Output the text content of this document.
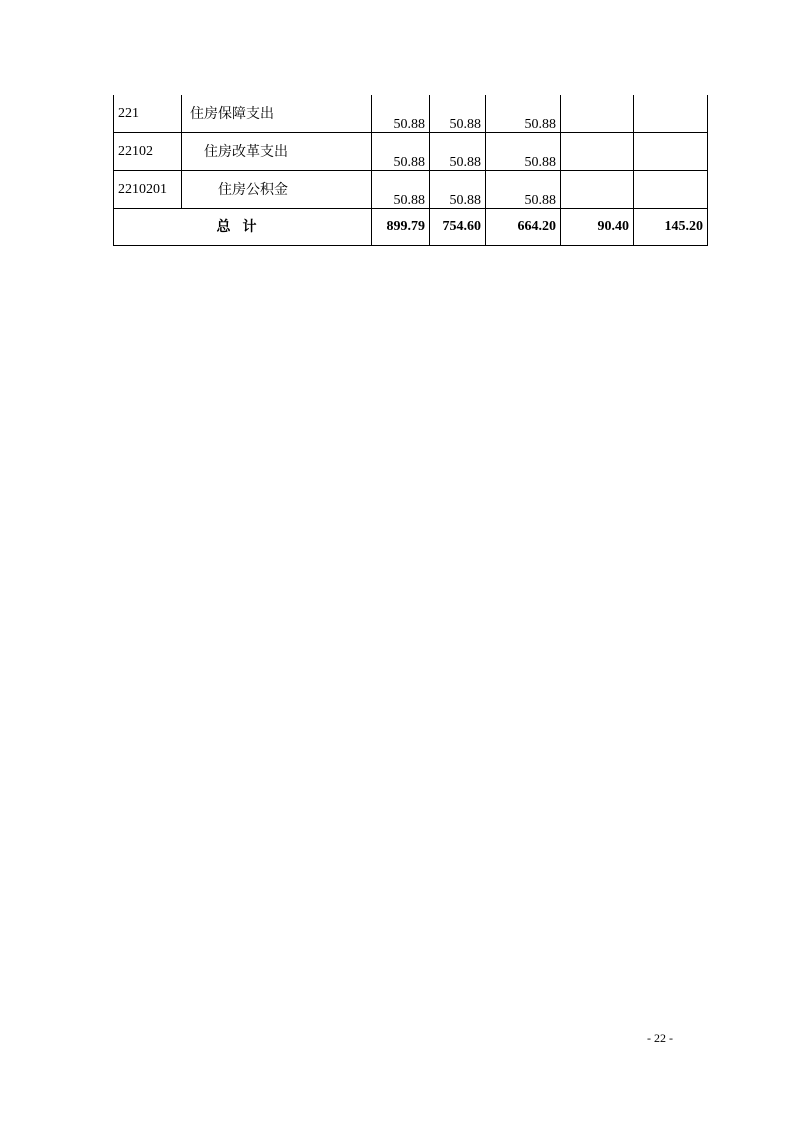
221	住房保障支出	50.88	50.88	50.88		
22102	住房改革支出	50.88	50.88	50.88		
2210201	住房公积金	50.88	50.88	50.88		
总计		899.79	754.60	664.20	90.40	145.20
- 22 -
